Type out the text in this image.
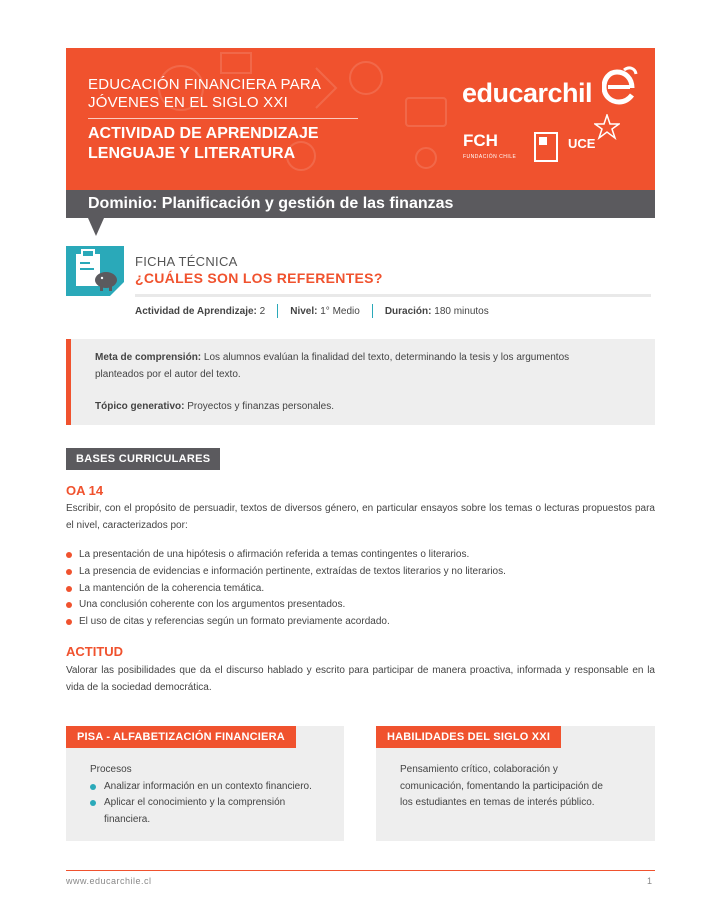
EDUCACIÓN FINANCIERA PARA
JÓVENES EN EL SIGLO XXI
ACTIVIDAD DE APRENDIZAJE
LENGUAJE Y LITERATURA
educarchil
FCH
FUNDACIÓN CHILE
UCE
Dominio: Planificación y gestión de las finanzas
FICHA TÉCNICA
¿CUÁLES SON LOS REFERENTES?
Actividad de Aprendizaje: 2	Nivel: 1° Medio	Duración: 180 minutos

Meta de comprensión: Los alumnos evalúan la finalidad del texto, determinando la tesis y los argumentos
planteados por el autor del texto.

Tópico generativo: Proyectos y finanzas personales.

BASES CURRICULARES
OA 14
Escribir, con el propósito de persuadir, textos de diversos género, en particular ensayos sobre los temas o lecturas propuestos para el nivel, caracterizados por:
La presentación de una hipótesis o afirmación referida a temas contingentes o literarios.
La presencia de evidencias e información pertinente, extraídas de textos literarios y no literarios.
La mantención de la coherencia temática.
Una conclusión coherente con los argumentos presentados.
El uso de citas y referencias según un formato previamente acordado.
ACTITUD
Valorar las posibilidades que da el discurso hablado y escrito para participar de manera proactiva, informada y responsable en la vida de la sociedad democrática.
PISA - ALFABETIZACIÓN FINANCIERA
Procesos
Analizar información en un contexto financiero.
Aplicar el conocimiento y la comprensión financiera.
HABILIDADES DEL SIGLO XXI
Pensamiento crítico, colaboración y
comunicación, fomentando la participación de
los estudiantes en temas de interés público.
www.educarchile.cl	1
